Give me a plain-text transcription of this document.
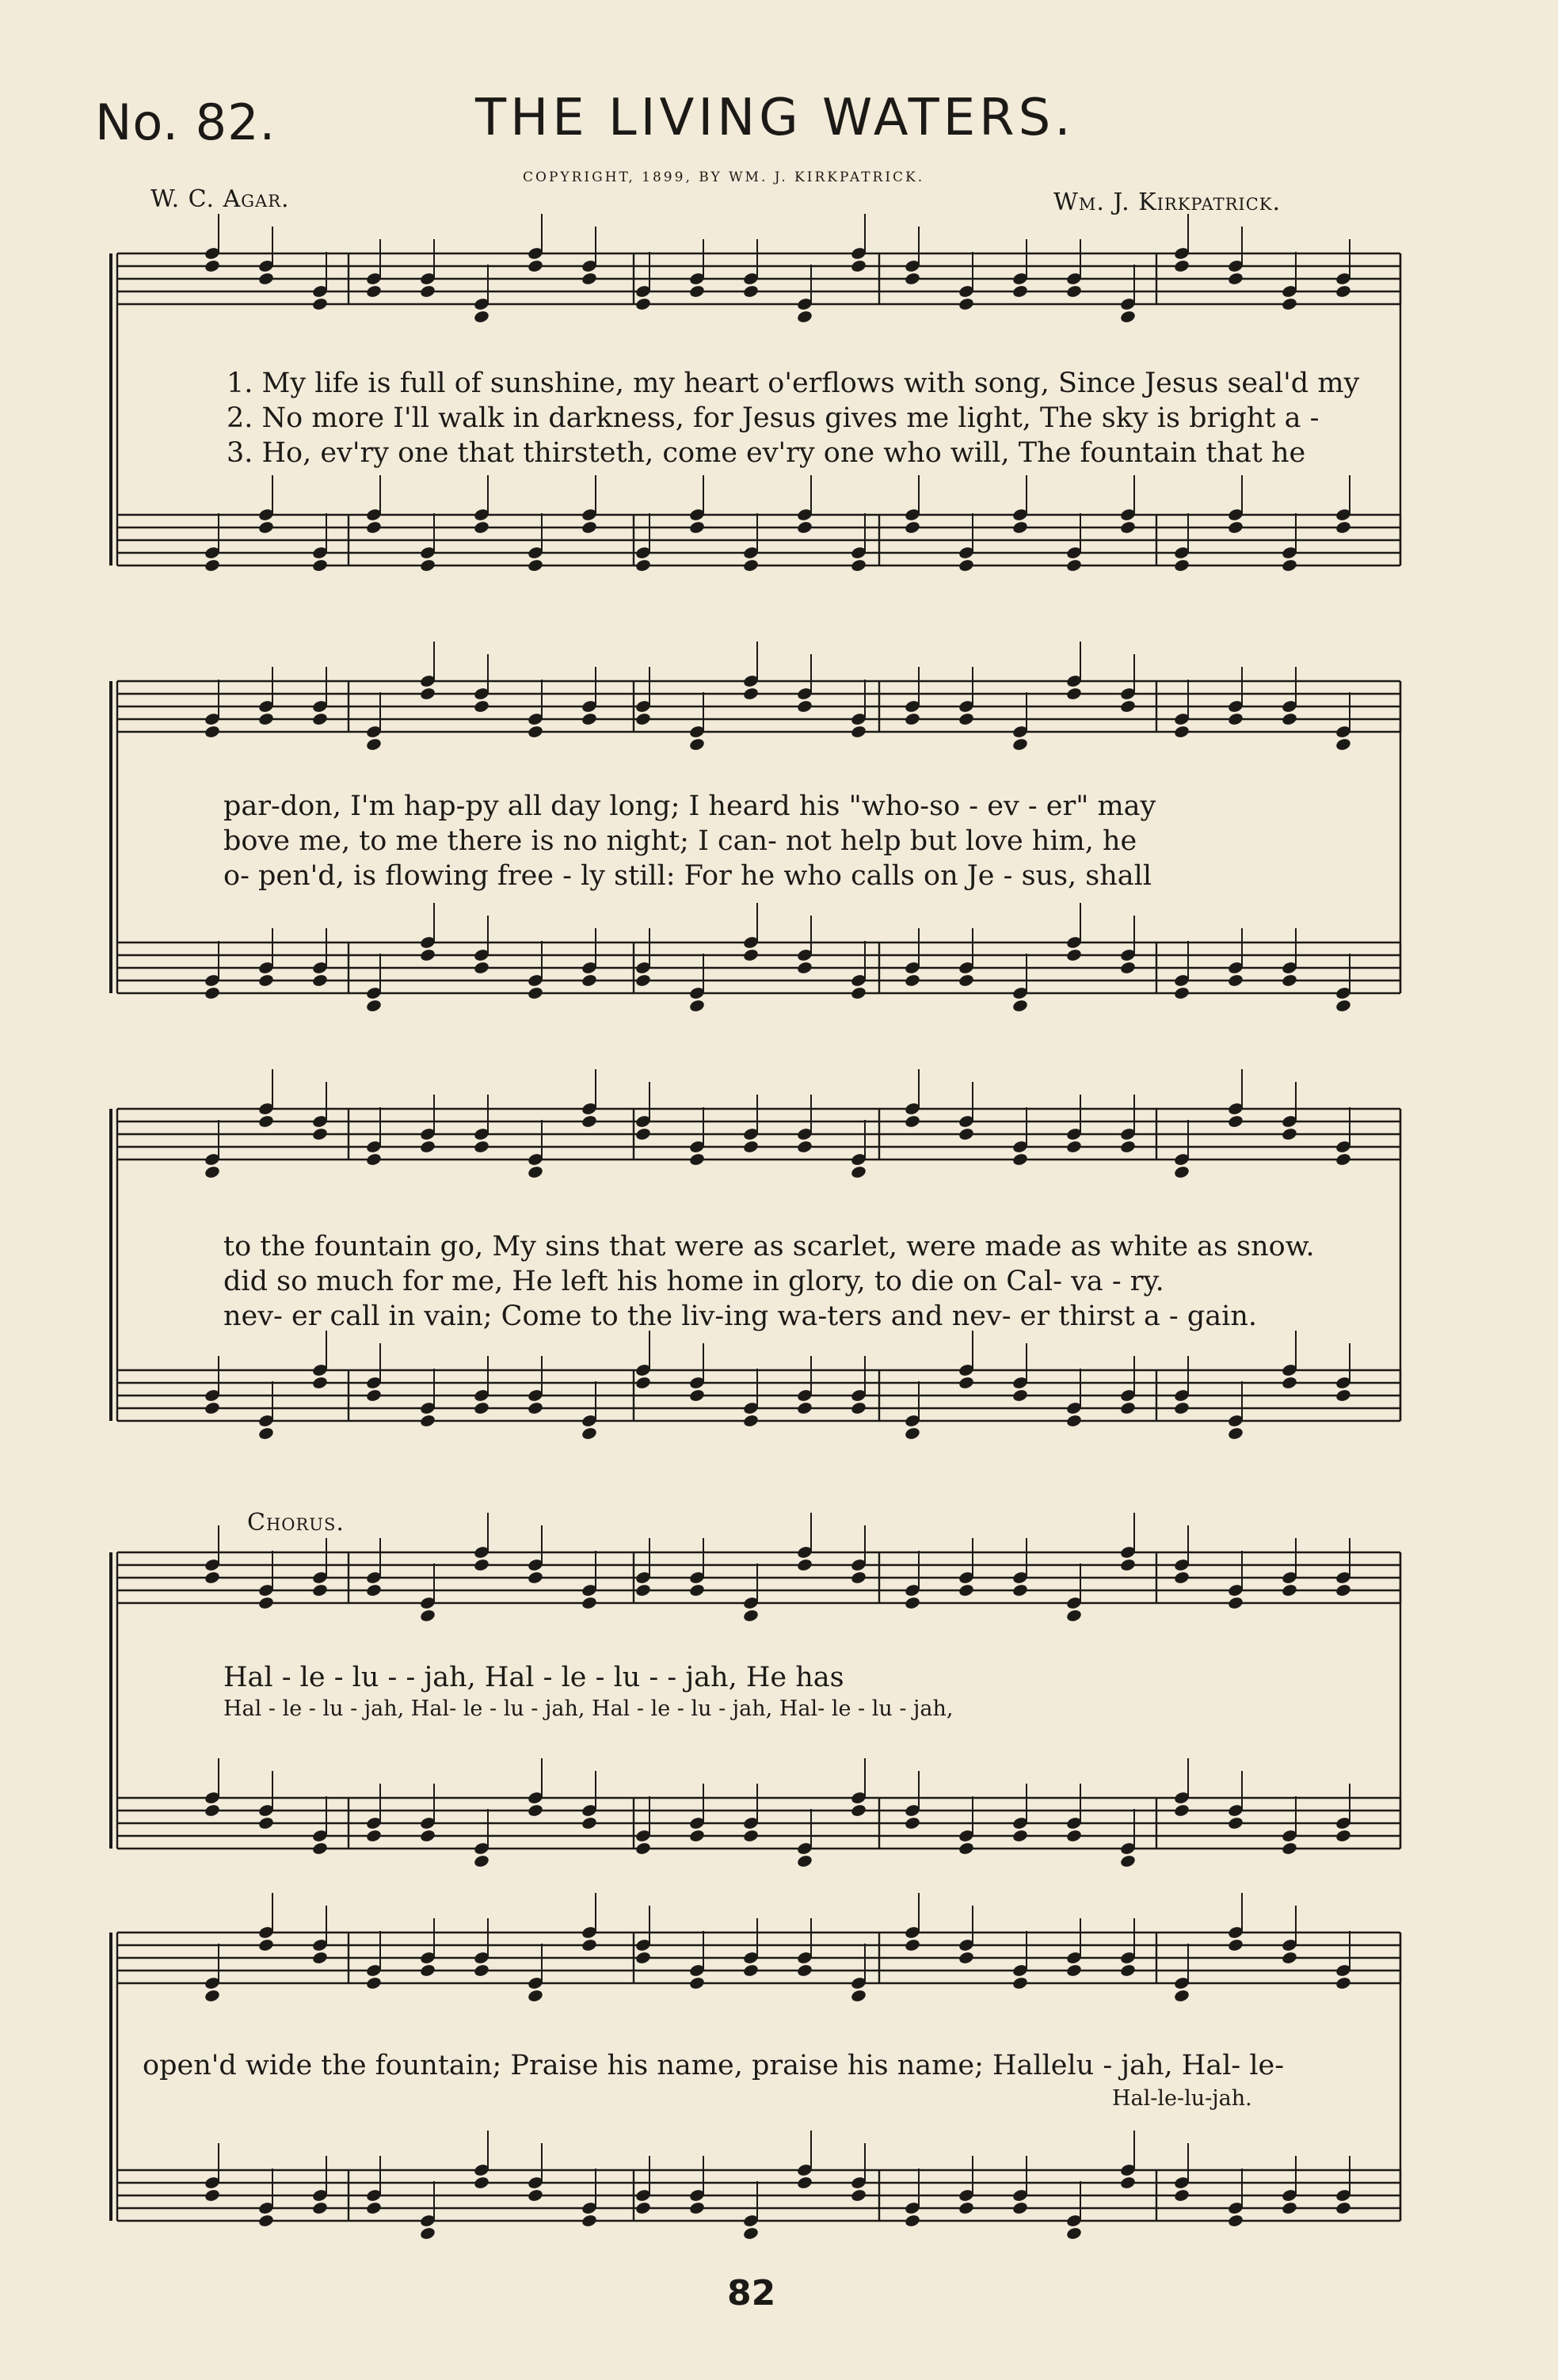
No. 82.	THE LIVING WATERS.
COPYRIGHT, 1899, BY WM. J. KIRKPATRICK.
W. C. Agar.	Wm. J. Kirkpatrick.
1. My life is full of sunshine, my heart o'erflows with song, Since Jesus seal'd my
2. No more I'll walk in darkness, for Jesus gives me light, The sky is bright a -
3. Ho, ev'ry one that thirsteth, come ev'ry one who will, The fountain that he
par-don, I'm hap-py all day long; I heard his "who-so - ev - er" may
bove me, to me there is no night; I can- not help but love him, he
o- pen'd, is flowing free - ly still: For he who calls on Je - sus, shall
to the fountain go, My sins that were as scarlet, were made as white as snow.
did so much for me, He left his home in glory, to die on Cal- va - ry.
nev- er call in vain; Come to the liv-ing wa-ters and nev- er thirst a - gain.
Chorus.
Hal - le - lu - - jah, Hal - le - lu - - jah, He has
Hal - le - lu - jah, Hal- le - lu - jah, Hal - le - lu - jah, Hal- le - lu - jah,
open'd wide the fountain; Praise his name, praise his name; Hallelu - jah, Hal- le-
Hal-le-lu-jah.
82
